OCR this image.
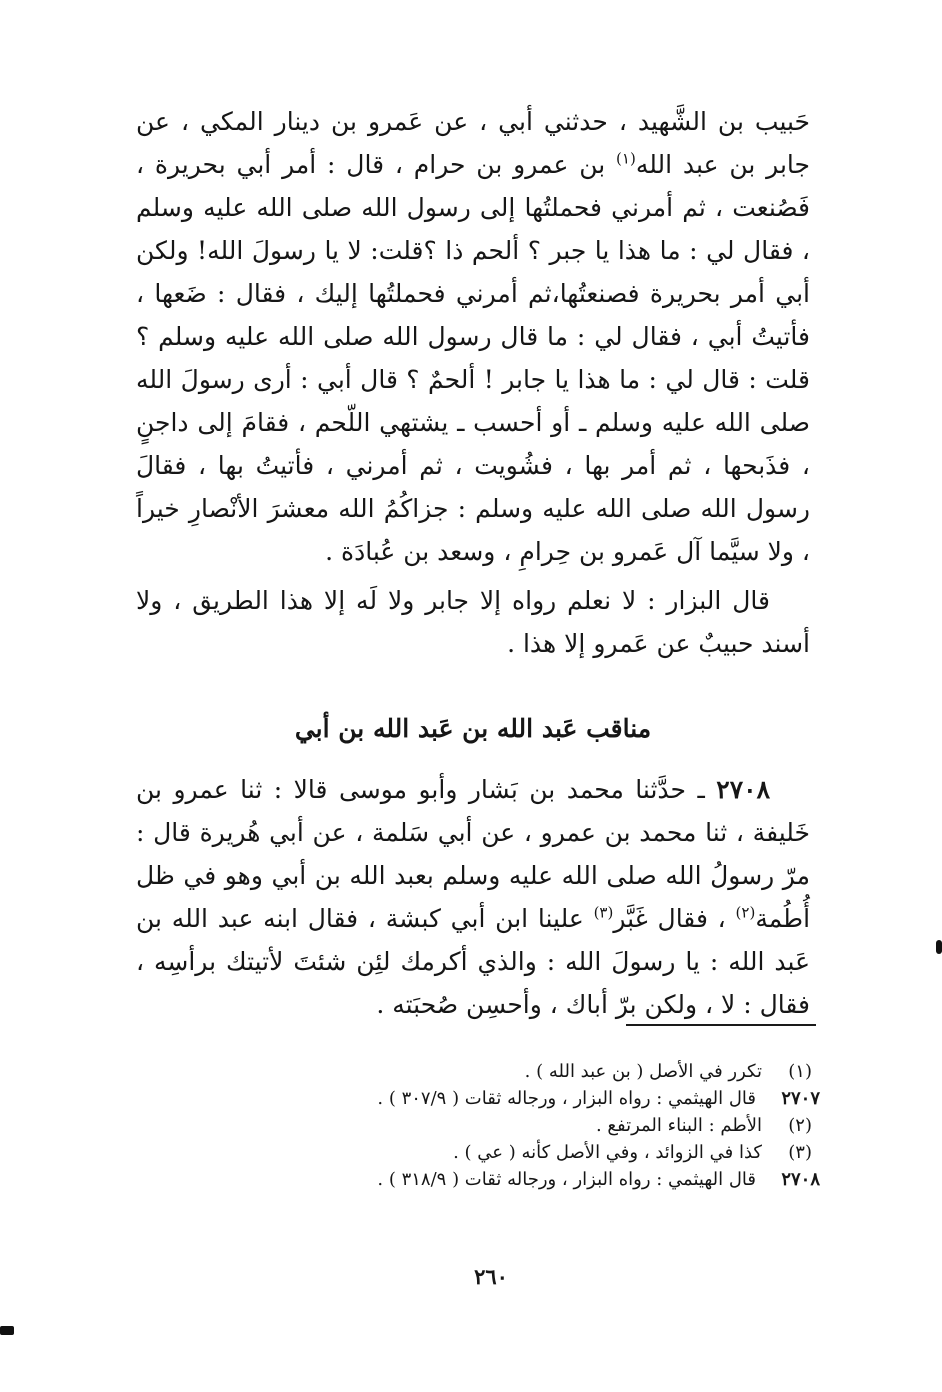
حَبيب بن الشَّهيد ، حدثني أبي ، عن عَمرو بن دينار المكي ، عن جابر بن عبد الله$^{(١)}$ بن عمرو بن حرام ، قال : أمر أبي بحريرة ، فَصُنعت ، ثم أمرني فحملتُها إلى رسول الله صلى الله عليه وسلم ، فقال لي : ما هذا يا جبر ؟ ألحم ذا ؟قلت: لا يا رسولَ الله! ولكن أبي أمر بحريرة فصنعتُها،ثم أمرني فحملتُها إليك ، فقال : ضَعها ، فأتيتُ أبي ، فقال لي : ما قال رسول الله صلى الله عليه وسلم ؟ قلت : قال لي : ما هذا يا جابر ! ألحمٌ ؟ قال أبي : أرى رسولَ الله صلى الله عليه وسلم ـ أو أحسب ـ يشتهي اللّحم ، فقامَ إلى داجنٍ ، فذَبحها ، ثم أمر بها ، فشُويت ، ثم أمرني ، فأتيتُ بها ، فقالَ رسول الله صلى الله عليه وسلم : جزاكُمُ الله معشرَ الأنْصارِ خيراً ، ولا سيَّما آل عَمرو بن حِرامِ ، وسعد بن عُبادَة .

قال البزار : لا نعلم رواه إلا جابر ولا لَه إلا هذا الطريق ، ولا أسند حبيبٌ عن عَمرو إلا هذا .

مناقب عَبد الله بن عَبد الله بن أبي

٢٧٠٨ ـ حدَّثنا محمد بن بَشار وأبو موسى قالا : ثنا عمرو بن خَليفة ، ثنا محمد بن عمرو ، عن أبي سَلمة ، عن أبي هُريرة قال : مرّ رسولُ الله صلى الله عليه وسلم بعبد الله بن أبي وهو في ظل أُطُمة$^{(٢)}$ ، فقال غَبَّر$^{(٣)}$ علينا ابن أبي كبشة ، فقال ابنه عبد الله بن عَبد الله : يا رسولَ الله : والذي أكرمك لئِن شئتَ لأتيتك برأسِه ، فقال : لا ، ولكن برّ أباك ، وأحسِن صُحبَته .

(١)
تكرر في الأصل ( بن عبد الله ) .
٢٧٠٧
قال الهيثمي : رواه البزار ، ورجاله ثقات ( ٣٠٧/٩ ) .
(٢)
الأطم : البناء المرتفع .
(٣)
كذا في الزوائد ، وفي الأصل كأنه ( عي ) .
٢٧٠٨
قال الهيثمي : رواه البزار ، ورجاله ثقات ( ٣١٨/٩ ) .
٢٦٠
